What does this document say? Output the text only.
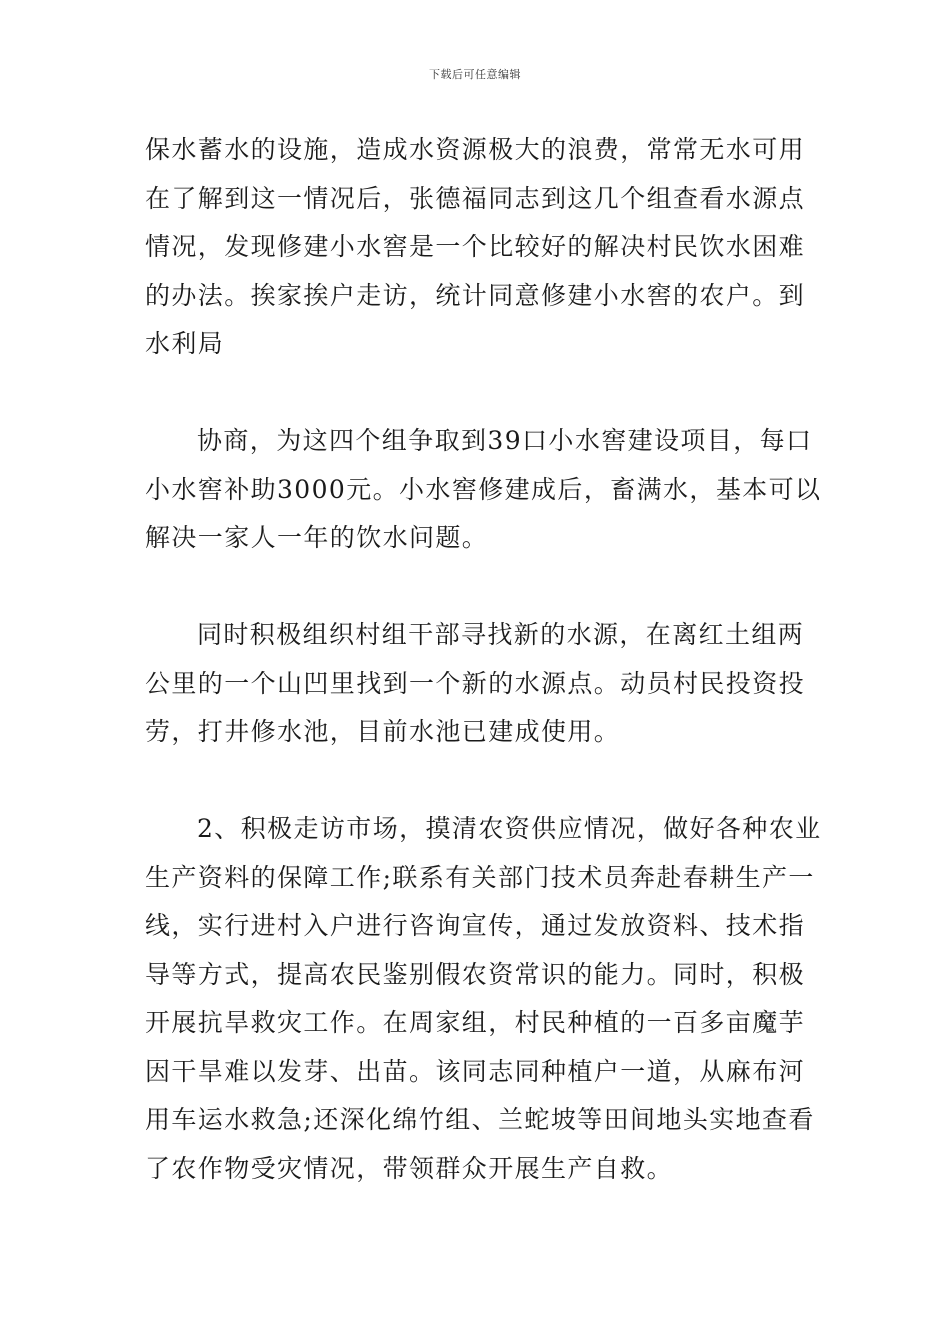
下载后可任意编辑
保水蓄水的设施，造成水资源极大的浪费，常常无水可用
在了解到这一情况后，张德福同志到这几个组查看水源点
情况，发现修建小水窖是一个比较好的解决村民饮水困难
的办法。挨家挨户走访，统计同意修建小水窖的农户。到
水利局
协商，为这四个组争取到39口小水窖建设项目，每口
小水窖补助3000元。小水窖修建成后，畜满水，基本可以
解决一家人一年的饮水问题。
同时积极组织村组干部寻找新的水源，在离红土组两
公里的一个山凹里找到一个新的水源点。动员村民投资投
劳，打井修水池，目前水池已建成使用。
2、积极走访市场，摸清农资供应情况，做好各种农业
生产资料的保障工作;联系有关部门技术员奔赴春耕生产一
线，实行进村入户进行咨询宣传，通过发放资料、技术指
导等方式，提高农民鉴别假农资常识的能力。同时，积极
开展抗旱救灾工作。在周家组，村民种植的一百多亩魔芋
因干旱难以发芽、出苗。该同志同种植户一道，从麻布河
用车运水救急;还深化绵竹组、兰蛇坡等田间地头实地查看
了农作物受灾情况，带领群众开展生产自救。
